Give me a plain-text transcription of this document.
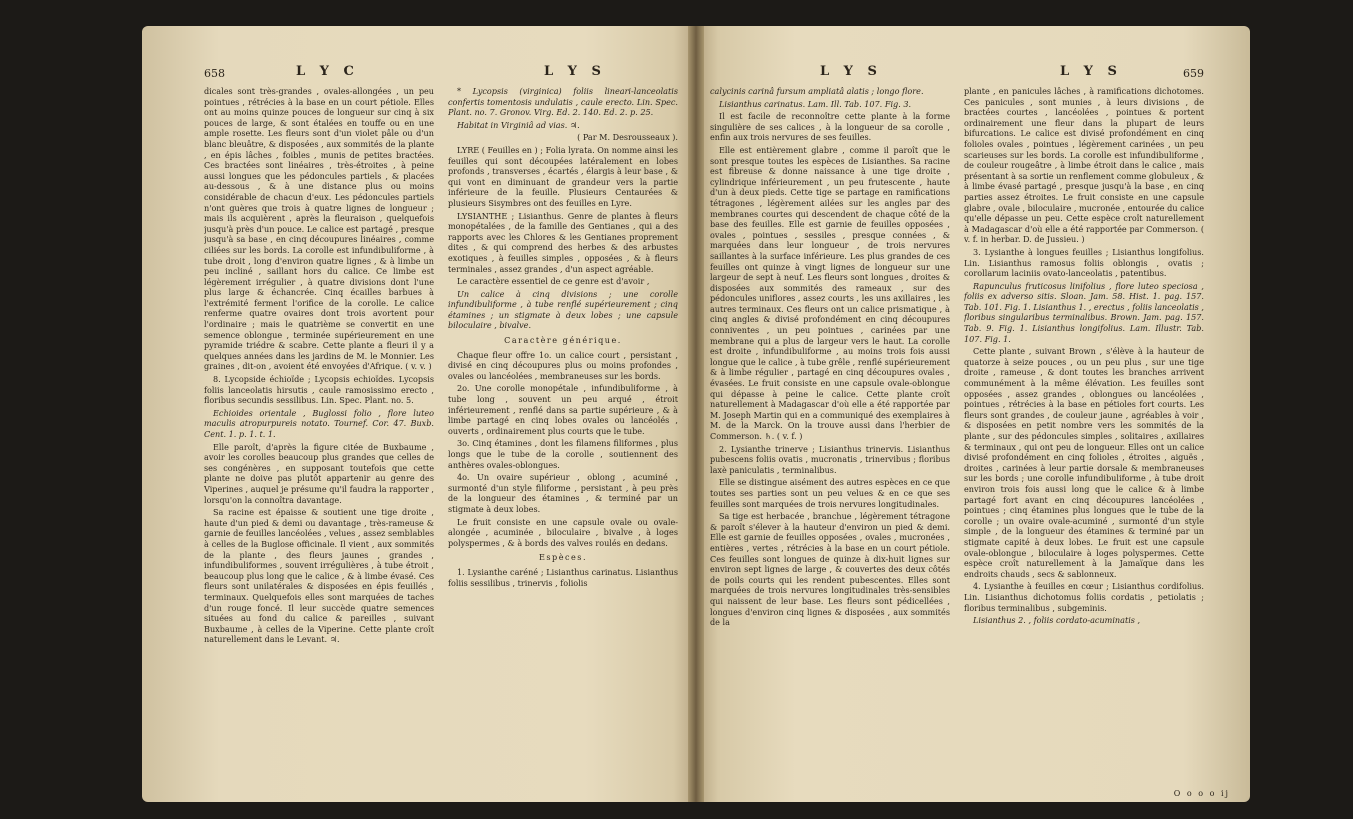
658	L Y C	L Y S

dicales sont très-grandes , ovales-allongées , un peu pointues , rétrécies à la base en un court pétiole. Elles ont au moins quinze pouces de longueur sur cinq à six pouces de large, & sont étalées en touffe ou en une ample rosette. Les fleurs sont d'un violet pâle ou d'un blanc bleuâtre, & disposées , aux sommités de la plante , en épis lâches , foibles , munis de petites bractées. Ces bractées sont linéaires , très-étroites , à peine aussi longues que les pédoncules partiels , & placées au-dessous , & à une distance plus ou moins considérable de chacun d'eux. Les pédoncules partiels n'ont guères que trois à quatre lignes de longueur ; mais ils acquièrent , après la fleuraison , quelquefois jusqu'à près d'un pouce. Le calice est partagé , presque jusqu'à sa base , en cinq découpures linéaires , comme ciliées sur les bords. La corolle est infundibuliforme , à tube droit , long d'environ quatre lignes , & à limbe un peu incliné , saillant hors du calice. Ce limbe est légèrement irrégulier , à quatre divisions dont l'une plus large & échancrée. Cinq écailles barbues à l'extrémité ferment l'orifice de la corolle. Le calice renferme quatre ovaires dont trois avortent pour l'ordinaire ; mais le quatrième se convertit en une semence oblongue , terminée supérieurement en une pyramide triédre & scabre. Cette plante a fleuri il y a quelques années dans les jardins de M. le Monnier. Les graines , dit-on , avoient été envoyées d'Afrique. ( v. v. )

8. Lycopside échioïde ; Lycopsis echioïdes. Lycopsis foliis lanceolatis hirsutis , caule ramosissimo erecto , floribus secundis sessilibus. Lin. Spec. Plant. no. 5.

Echioides orientale , Buglossi folio , flore luteo maculis atropurpureis notato. Tournef. Cor. 47. Buxb. Cent. 1. p. 1. t. 1.

Elle paroît, d'après la figure citée de Buxbaume , avoir les corolles beaucoup plus grandes que celles de ses congénères , en supposant toutefois que cette plante ne doive pas plutôt appartenir au genre des Viperines , auquel je présume qu'il faudra la rapporter , lorsqu'on la connoîtra davantage.

Sa racine est épaisse & soutient une tige droite , haute d'un pied & demi ou davantage , très-rameuse & garnie de feuilles lancéolées , velues , assez semblables à celles de la Buglose officinale. Il vient , aux sommités de la plante , des fleurs jaunes , grandes , infundibuliformes , souvent irrégulières , à tube étroit , beaucoup plus long que le calice , & à limbe évasé. Ces fleurs sont unilatérales & disposées en épis feuillés , terminaux. Quelquefois elles sont marquées de taches d'un rouge foncé. Il leur succède quatre semences situées au fond du calice & pareilles , suivant Buxbaume , à celles de la Viperine. Cette plante croît naturellement dans le Levant. ♃.

* Lycopsis (virginica) foliis lineari-lanceolatis confertis tomentosis undulatis , caule erecto. Lin. Spec. Plant. no. 7. Gronov. Virg. Ed. 2. 140. Ed. 2. p. 25.

Habitat in Virginiâ ad vias. ♃.

( Par M. Desrousseaux ).

LYRE ( Feuilles en ) ; Folia lyrata. On nomme ainsi les feuilles qui sont découpées latéralement en lobes profonds , transverses , écartés , élargis à leur base , & qui vont en diminuant de grandeur vers la partie inférieure de la feuille. Plusieurs Centaurées & plusieurs Sisymbres ont des feuilles en Lyre.

LYSIANTHE ; Lisianthus. Genre de plantes à fleurs monopétalées , de la famille des Gentianes , qui a des rapports avec les Chlores & les Gentianes proprement dites , & qui comprend des herbes & des arbustes exotiques , à feuilles simples , opposées , & à fleurs terminales , assez grandes , d'un aspect agréable.

Le caractère essentiel de ce genre est d'avoir ,

Un calice à cinq divisions ; une corolle infundibuliforme , à tube renflé supérieurement ; cinq étamines ; un stigmate à deux lobes ; une capsule biloculaire , bivalve.

Caractère générique.

Chaque fleur offre 1o. un calice court , persistant , divisé en cinq découpures plus ou moins profondes , ovales ou lancéolées , membraneuses sur les bords.

2o. Une corolle monopétale , infundibuliforme , à tube long , souvent un peu arqué , étroit inférieurement , renflé dans sa partie supérieure , & à limbe partagé en cinq lobes ovales ou lancéolés , ouverts , ordinairement plus courts que le tube.

3o. Cinq étamines , dont les filamens filiformes , plus longs que le tube de la corolle , soutiennent des anthères ovales-oblongues.

4o. Un ovaire supérieur , oblong , acuminé , surmonté d'un style filiforme , persistant , à peu près de la longueur des étamines , & terminé par un stigmate à deux lobes.

Le fruit consiste en une capsule ovale ou ovale-alongée , acuminée , biloculaire , bivalve , à loges polyspermes , & à bords des valves roulés en dedans.

Espèces.

1. Lysianthe caréné ; Lisianthus carinatus. Lisianthus foliis sessilibus , trinervis , foliolis

L Y S	L Y S	659

calycinis carinâ fursum ampliatâ alatis ; longo flore.

Lisianthus carinatus. Lam. Ill. Tab. 107. Fig. 3.

Il est facile de reconnoître cette plante à la forme singulière de ses calices , à la longueur de sa corolle , enfin aux trois nervures de ses feuilles.

Elle est entièrement glabre , comme il paroît que le sont presque toutes les espèces de Lisianthes. Sa racine est fibreuse & donne naissance à une tige droite , cylindrique inférieurement , un peu frutescente , haute d'un à deux pieds. Cette tige se partage en ramifications tétragones , légèrement ailées sur les angles par des membranes courtes qui descendent de chaque côté de la base des feuilles. Elle est garnie de feuilles opposées , ovales , pointues , sessiles , presque connées , & marquées dans leur longueur , de trois nervures saillantes à la surface inférieure. Les plus grandes de ces feuilles ont quinze à vingt lignes de longueur sur une largeur de sept à neuf. Les fleurs sont longues , droites & disposées aux sommités des rameaux , sur des pédoncules uniflores , assez courts , les uns axillaires , les autres terminaux. Ces fleurs ont un calice prismatique , à cinq angles & divisé profondément en cinq découpures conniventes , un peu pointues , carinées par une membrane qui a plus de largeur vers le haut. La corolle est droite , infundibuliforme , au moins trois fois aussi longue que le calice , à tube grêle , renflé supérieurement & à limbe régulier , partagé en cinq découpures ovales , évasées. Le fruit consiste en une capsule ovale-oblongue qui dépasse à peine le calice. Cette plante croît naturellement à Madagascar d'où elle a été rapportée par M. Joseph Martin qui en a communiqué des exemplaires à M. de la Marck. On la trouve aussi dans l'herbier de Commerson. ♄. ( v. f. )

2. Lysianthe trinerve ; Lisianthus trinervis. Lisianthus pubescens foliis ovatis , mucronatis , trinervibus ; floribus laxè paniculatis , terminalibus.

Elle se distingue aisément des autres espèces en ce que toutes ses parties sont un peu velues & en ce que ses feuilles sont marquées de trois nervures longitudinales.

Sa tige est herbacée , branchue , légèrement tétragone & paroît s'élever à la hauteur d'environ un pied & demi. Elle est garnie de feuilles opposées , ovales , mucronées , entières , vertes , rétrécies à la base en un court pétiole. Ces feuilles sont longues de quinze à dix-huit lignes sur environ sept lignes de large , & couvertes des deux côtés de poils courts qui les rendent pubescentes. Elles sont marquées de trois nervures longitudinales très-sensibles qui naissent de leur base. Les fleurs sont pédicellées , longues d'environ cinq lignes & disposées , aux sommités de la

plante , en panicules lâches , à ramifications dichotomes. Ces panicules , sont munies , à leurs divisions , de bractées courtes , lancéolées , pointues & portent ordinairement une fleur dans la plupart de leurs bifurcations. Le calice est divisé profondément en cinq folioles ovales , pointues , légèrement carinées , un peu scarieuses sur les bords. La corolle est infundibuliforme , de couleur rougeâtre , à limbe étroit dans le calice , mais présentant à sa sortie un renflement comme globuleux , & à limbe évasé partagé , presque jusqu'à la base , en cinq parties assez étroites. Le fruit consiste en une capsule glabre , ovale , biloculaire , mucronée , entourée du calice qu'elle dépasse un peu. Cette espèce croît naturellement à Madagascar d'où elle a été rapportée par Commerson. ( v. f. in herbar. D. de Jussieu. )

3. Lysianthe à longues feuilles ; Lisianthus longifolius. Lin. Lisianthus ramosus foliis oblongis , ovatis ; corollarum laciniis ovato-lanceolatis , patentibus.

Rapunculus fruticosus linifolius , flore luteo speciosa , foliis ex adverso sitis. Sloan. Jam. 58. Hist. 1. pag. 157. Tab. 101. Fig. 1. Lisianthus 1. , erectus , foliis lanceolatis , floribus singularibus terminalibus. Brown. Jam. pag. 157. Tab. 9. Fig. 1. Lisianthus longifolius. Lam. Illustr. Tab. 107. Fig. 1.

Cette plante , suivant Brown , s'élève à la hauteur de quatorze à seize pouces , ou un peu plus , sur une tige droite , rameuse , & dont toutes les branches arrivent communément à la même élévation. Les feuilles sont opposées , assez grandes , oblongues ou lancéolées , pointues , rétrécies à la base en pétioles fort courts. Les fleurs sont grandes , de couleur jaune , agréables à voir , & disposées en petit nombre vers les sommités de la plante , sur des pédoncules simples , solitaires , axillaires & terminaux , qui ont peu de longueur. Elles ont un calice divisé profondément en cinq folioles , étroites , aiguës , droites , carinées à leur partie dorsale & membraneuses sur les bords ; une corolle infundibuliforme , à tube droit environ trois fois aussi long que le calice & à limbe partagé fort avant en cinq découpures lancéolées , pointues ; cinq étamines plus longues que le tube de la corolle ; un ovaire ovale-acuminé , surmonté d'un style simple , de la longueur des étamines & terminé par un stigmate capité à deux lobes. Le fruit est une capsule ovale-oblongue , biloculaire à loges polyspermes. Cette espèce croît naturellement à la Jamaïque dans les endroits chauds , secs & sablonneux.

4. Lysianthe à feuilles en cœur ; Lisianthus cordifolius. Lin. Lisianthus dichotomus foliis cordatis , petiolatis ; floribus terminalibus , subgeminis.

Lisianthus 2. , foliis cordato-acuminatis ,

O o o o ij
